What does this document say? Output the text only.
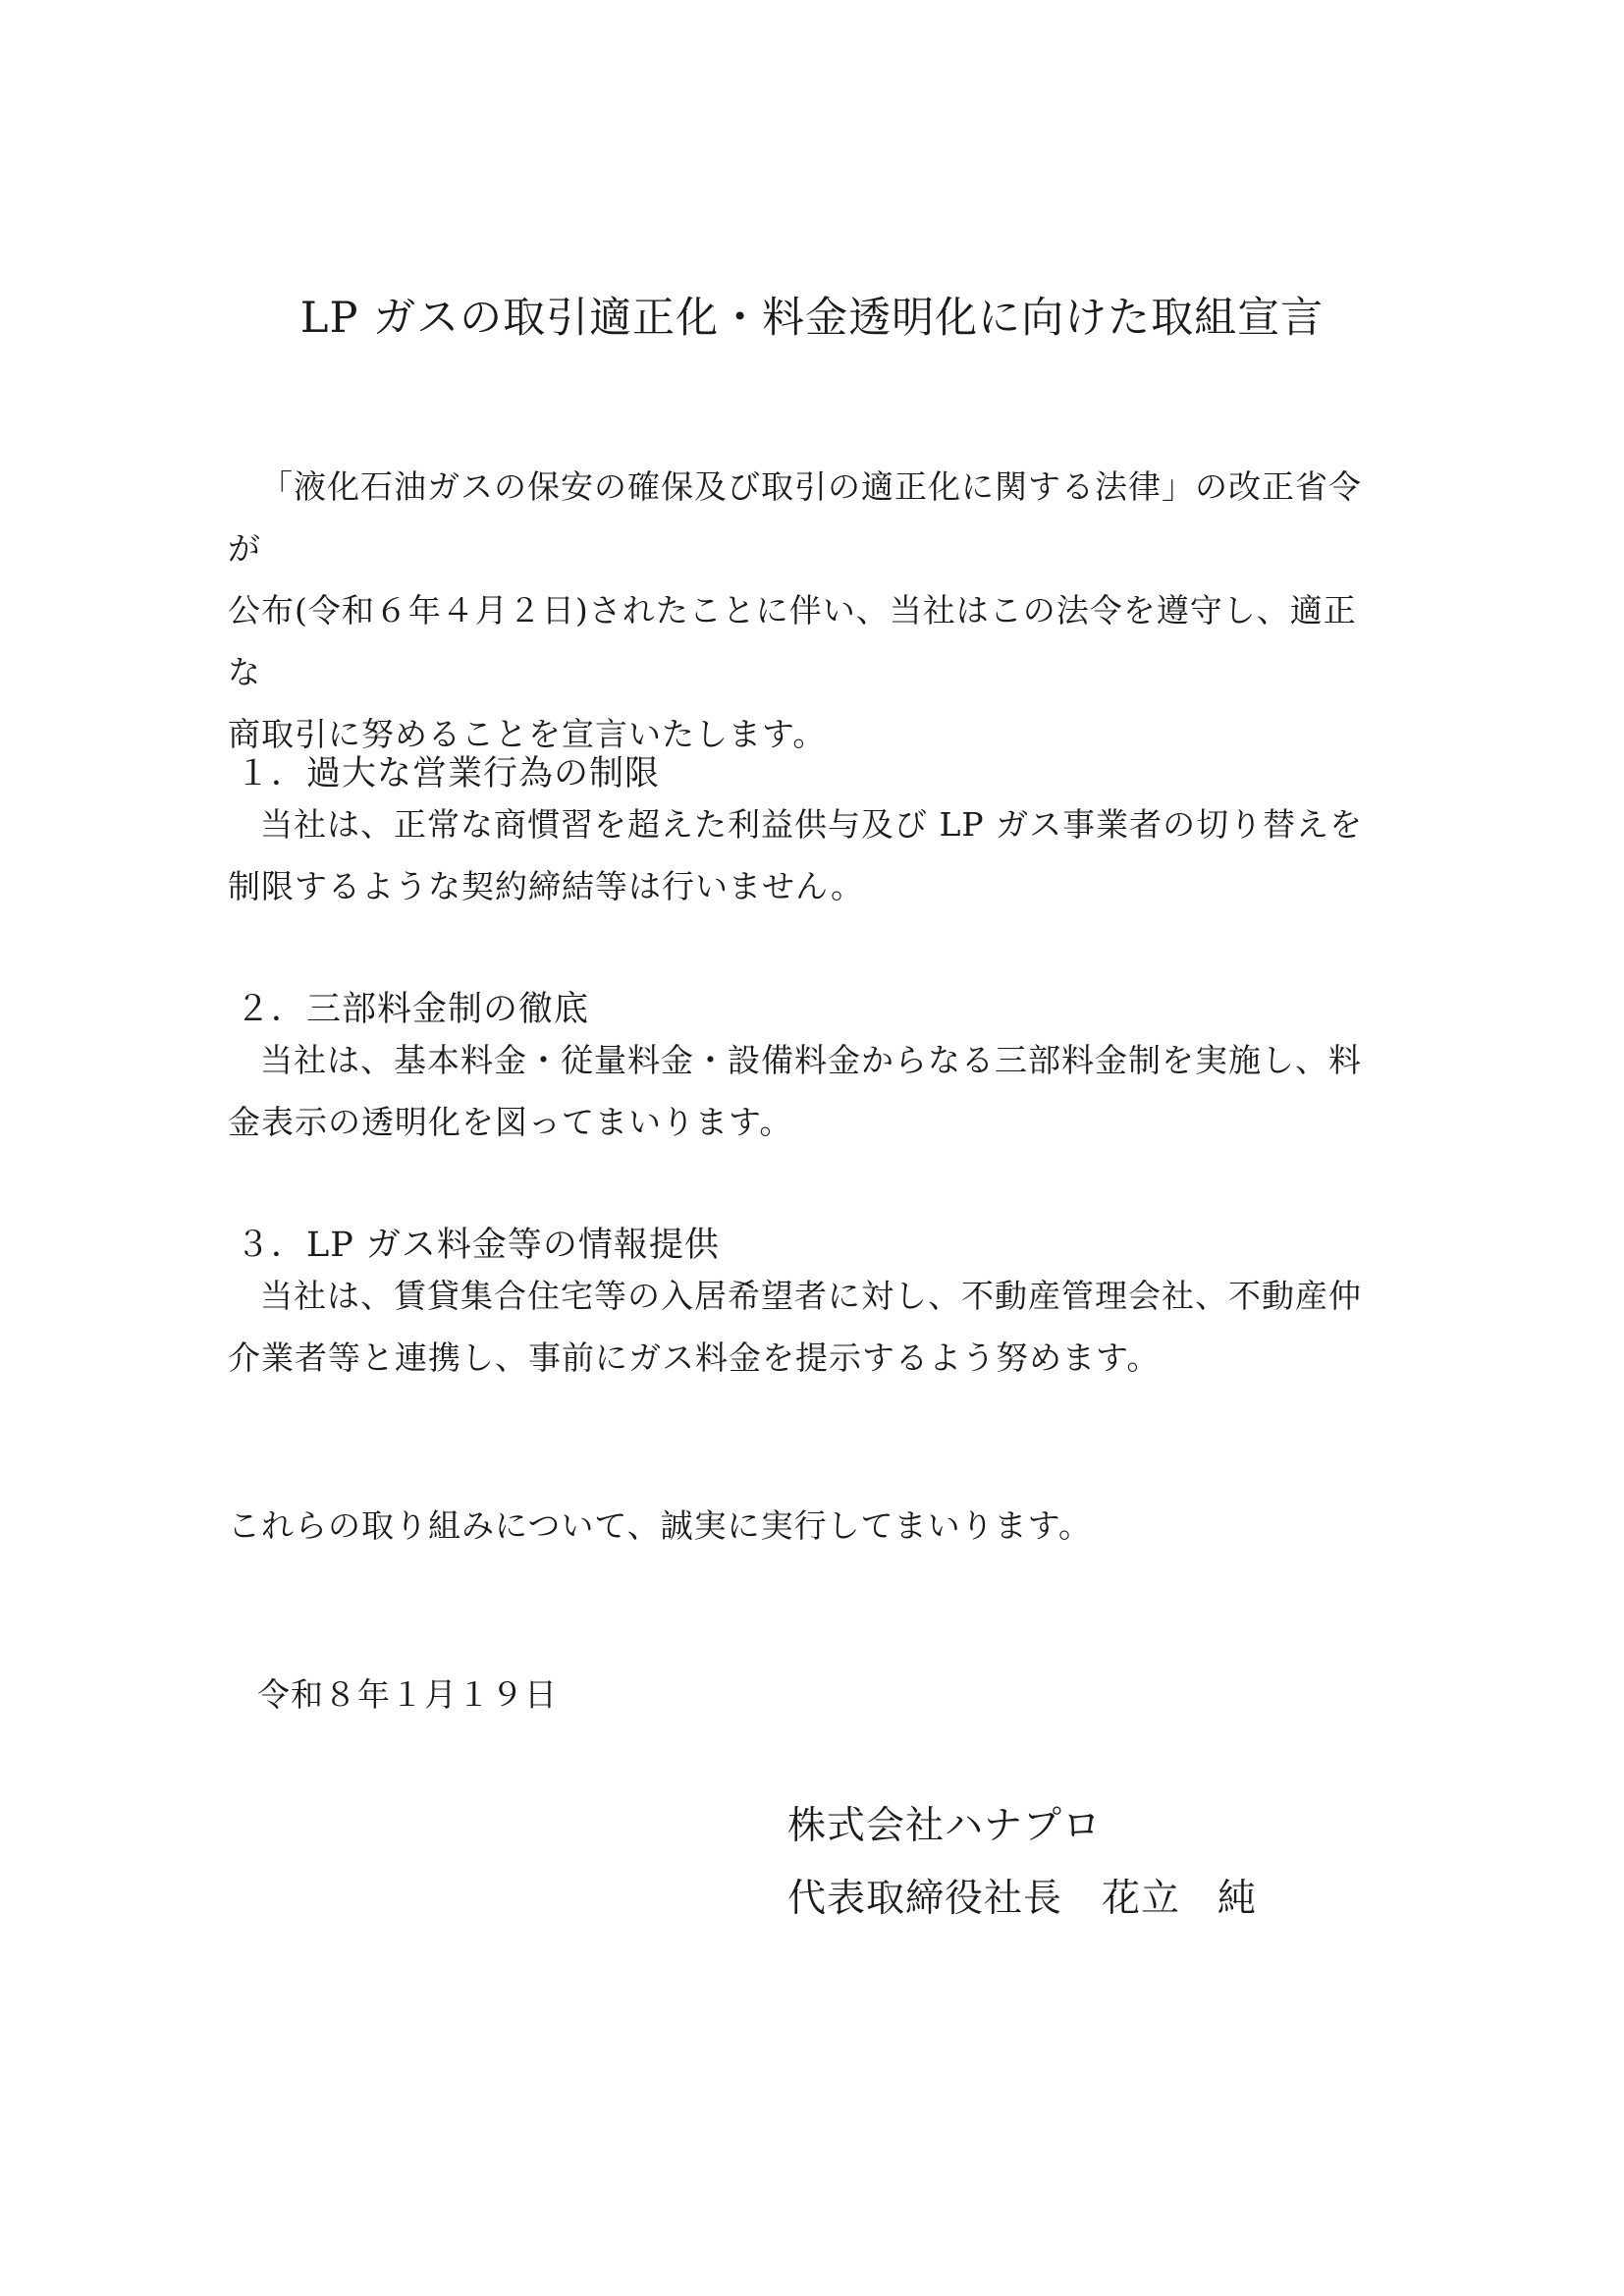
LP ガスの取引適正化・料金透明化に向けた取組宣言

「液化石油ガスの保安の確保及び取引の適正化に関する法律」の改正省令が

公布(令和６年４月２日)されたことに伴い、当社はこの法令を遵守し、適正な

商取引に努めることを宣言いたします。

１．過大な営業行為の制限

当社は、正常な商慣習を超えた利益供与及び LP ガス事業者の切り替えを制限するような契約締結等は行いません。

２．三部料金制の徹底

当社は、基本料金・従量料金・設備料金からなる三部料金制を実施し、料金表示の透明化を図ってまいります。

３．LP ガス料金等の情報提供

当社は、賃貸集合住宅等の入居希望者に対し、不動産管理会社、不動産仲介業者等と連携し、事前にガス料金を提示するよう努めます。

これらの取り組みについて、誠実に実行してまいります。
令和８年１月１９日
株式会社ハナプロ
代表取締役社長 花立 純
